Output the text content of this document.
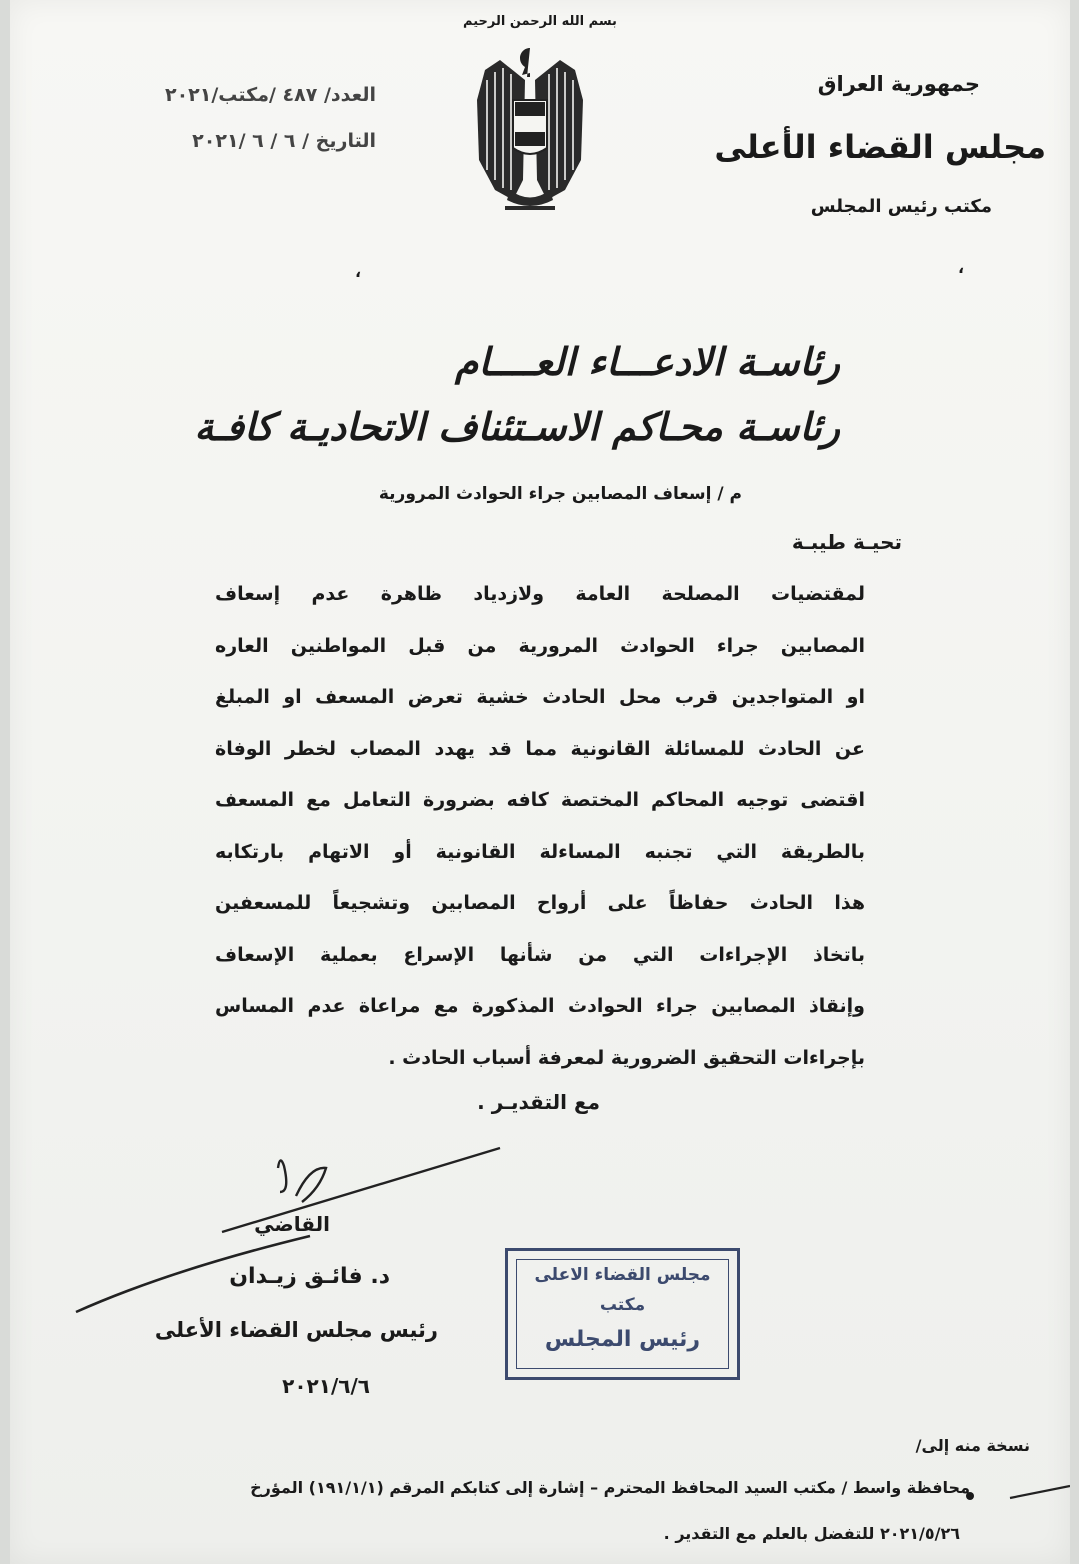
بسم الله الرحمن الرحيم
جمهورية العراق
مجلس القضاء الأعلى
مكتب رئيس المجلس
العدد/ ٤٨٧ /مكتب/٢٠٢١
التاريخ / ٦ / ٦ /٢٠٢١
،	،
رئاسـة الادعـــاء العــــام
رئاسـة محـاكم الاسـتئناف الاتحاديـة كافـة
م / إسعاف المصابين جراء الحوادث المرورية
تحيـة طيبـة
لمقتضيات المصلحة العامة ولازدياد ظاهرة عدم إسعاف
المصابين جراء الحوادث المرورية من قبل المواطنين العاره
او المتواجدين قرب محل الحادث خشية تعرض المسعف او المبلغ
عن الحادث للمسائلة القانونية مما قد يهدد المصاب لخطر الوفاة
اقتضى توجيه المحاكم المختصة كافه بضرورة التعامل مع المسعف
بالطريقة التي تجنبه المساءلة القانونية أو الاتهام بارتكابه
هذا الحادث حفاظاً على أرواح المصابين وتشجيعاً للمسعفين
باتخاذ الإجراءات التي من شأنها الإسراع بعملية الإسعاف
وإنقاذ المصابين جراء الحوادث المذكورة مع مراعاة عدم المساس
بإجراءات التحقيق الضرورية لمعرفة أسباب الحادث .
مع التقديـر .
القاضي
د. فائـق زيـدان
رئيس مجلس القضاء الأعلى
٢٠٢١/٦/٦
مجلس القضاء الاعلى
مكتب
رئيس المجلس
نسخة منه إلى/
محافظة واسط / مكتب السيد المحافظ المحترم – إشارة إلى كتابكم المرقم (١٩١/١/١) المؤرخ
٢٠٢١/٥/٢٦ للتفضل بالعلم مع التقدير .
